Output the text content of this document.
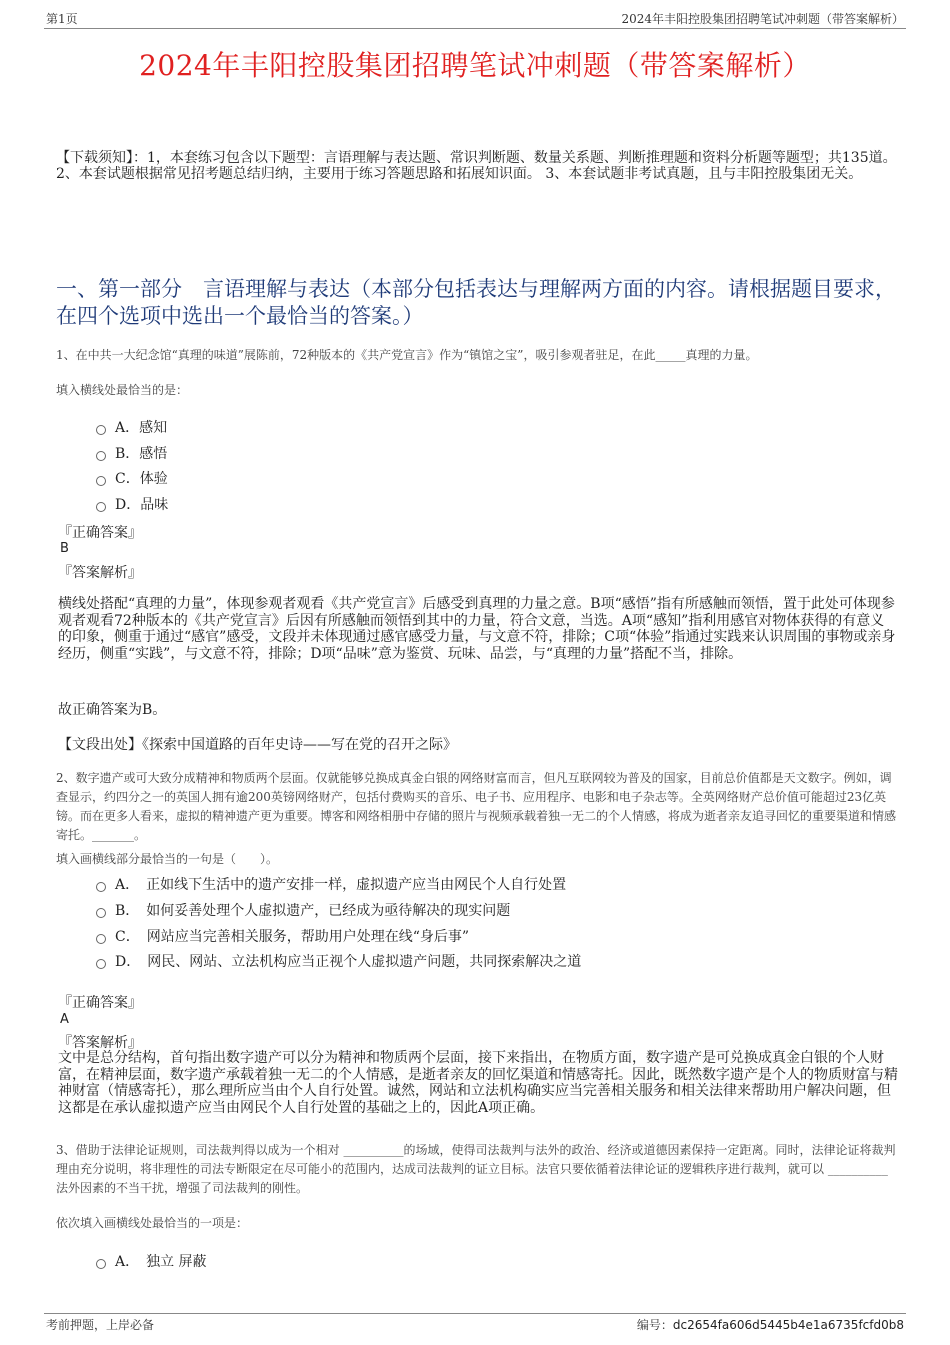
第1页	2024年丰阳控股集团招聘笔试冲刺题（带答案解析）
2024年丰阳控股集团招聘笔试冲刺题（带答案解析）
【下载须知】：1，本套练习包含以下题型：言语理解与表达题、常识判断题、数量关系题、判断推理题和资料分析题等题型；共135道。 2、本套试题根据常见招考题总结归纳，主要用于练习答题思路和拓展知识面。 3、本套试题非考试真题，且与丰阳控股集团无关。
一、第一部分　言语理解与表达（本部分包括表达与理解两方面的内容。请根据题目要求，在四个选项中选出一个最恰当的答案。）
1、在中共一大纪念馆“真理的味道”展陈前，72种版本的《共产党宣言》作为“镇馆之宝”，吸引参观者驻足，在此_____真理的力量。
填入横线处最恰当的是：
A．感知
B．感悟
C．体验
D．品味
『正确答案』
B
『答案解析』
横线处搭配“真理的力量”，体现参观者观看《共产党宣言》后感受到真理的力量之意。B项“感悟”指有所感触而领悟，置于此处可体现参观者观看72种版本的《共产党宣言》后因有所感触而领悟到其中的力量，符合文意，当选。A项“感知”指利用感官对物体获得的有意义的印象，侧重于通过“感官”感受，文段并未体现通过感官感受力量，与文意不符，排除；C项“体验”指通过实践来认识周围的事物或亲身经历，侧重“实践”，与文意不符，排除；D项“品味”意为鉴赏、玩味、品尝，与“真理的力量”搭配不当，排除。
故正确答案为B。
【文段出处】《探索中国道路的百年史诗——写在党的召开之际》
2、数字遗产或可大致分成精神和物质两个层面。仅就能够兑换成真金白银的网络财富而言，但凡互联网较为普及的国家，目前总价值都是天文数字。例如，调查显示，约四分之一的英国人拥有逾200英镑网络财产，包括付费购买的音乐、电子书、应用程序、电影和电子杂志等。全英网络财产总价值可能超过23亿英镑。而在更多人看来，虚拟的精神遗产更为重要。博客和网络相册中存储的照片与视频承载着独一无二的个人情感，将成为逝者亲友追寻回忆的重要渠道和情感寄托。_______。
填入画横线部分最恰当的一句是（　　）。
A．　正如线下生活中的遗产安排一样，虚拟遗产应当由网民个人自行处置
B．　如何妥善处理个人虚拟遗产，已经成为亟待解决的现实问题
C．　网站应当完善相关服务，帮助用户处理在线“身后事”
D．　网民、网站、立法机构应当正视个人虚拟遗产问题，共同探索解决之道
『正确答案』
A
『答案解析』
文中是总分结构，首句指出数字遗产可以分为精神和物质两个层面，接下来指出，在物质方面，数字遗产是可兑换成真金白银的个人财富，在精神层面，数字遗产承载着独一无二的个人情感，是逝者亲友的回忆渠道和情感寄托。因此，既然数字遗产是个人的物质财富与精神财富（情感寄托），那么理所应当由个人自行处置。诚然，网站和立法机构确实应当完善相关服务和相关法律来帮助用户解决问题，但这都是在承认虚拟遗产应当由网民个人自行处置的基础之上的，因此A项正确。
3、借助于法律论证规则，司法裁判得以成为一个相对 __________的场域，使得司法裁判与法外的政治、经济或道德因素保持一定距离。同时，法律论证将裁判理由充分说明，将非理性的司法专断限定在尽可能小的范围内，达成司法裁判的证立目标。法官只要依循着法律论证的逻辑秩序进行裁判，就可以 __________法外因素的不当干扰，增强了司法裁判的刚性。
依次填入画横线处最恰当的一项是：
A．　独立 屏蔽
考前押题，上岸必备	编号：dc2654fa606d5445b4e1a6735fcfd0b8
